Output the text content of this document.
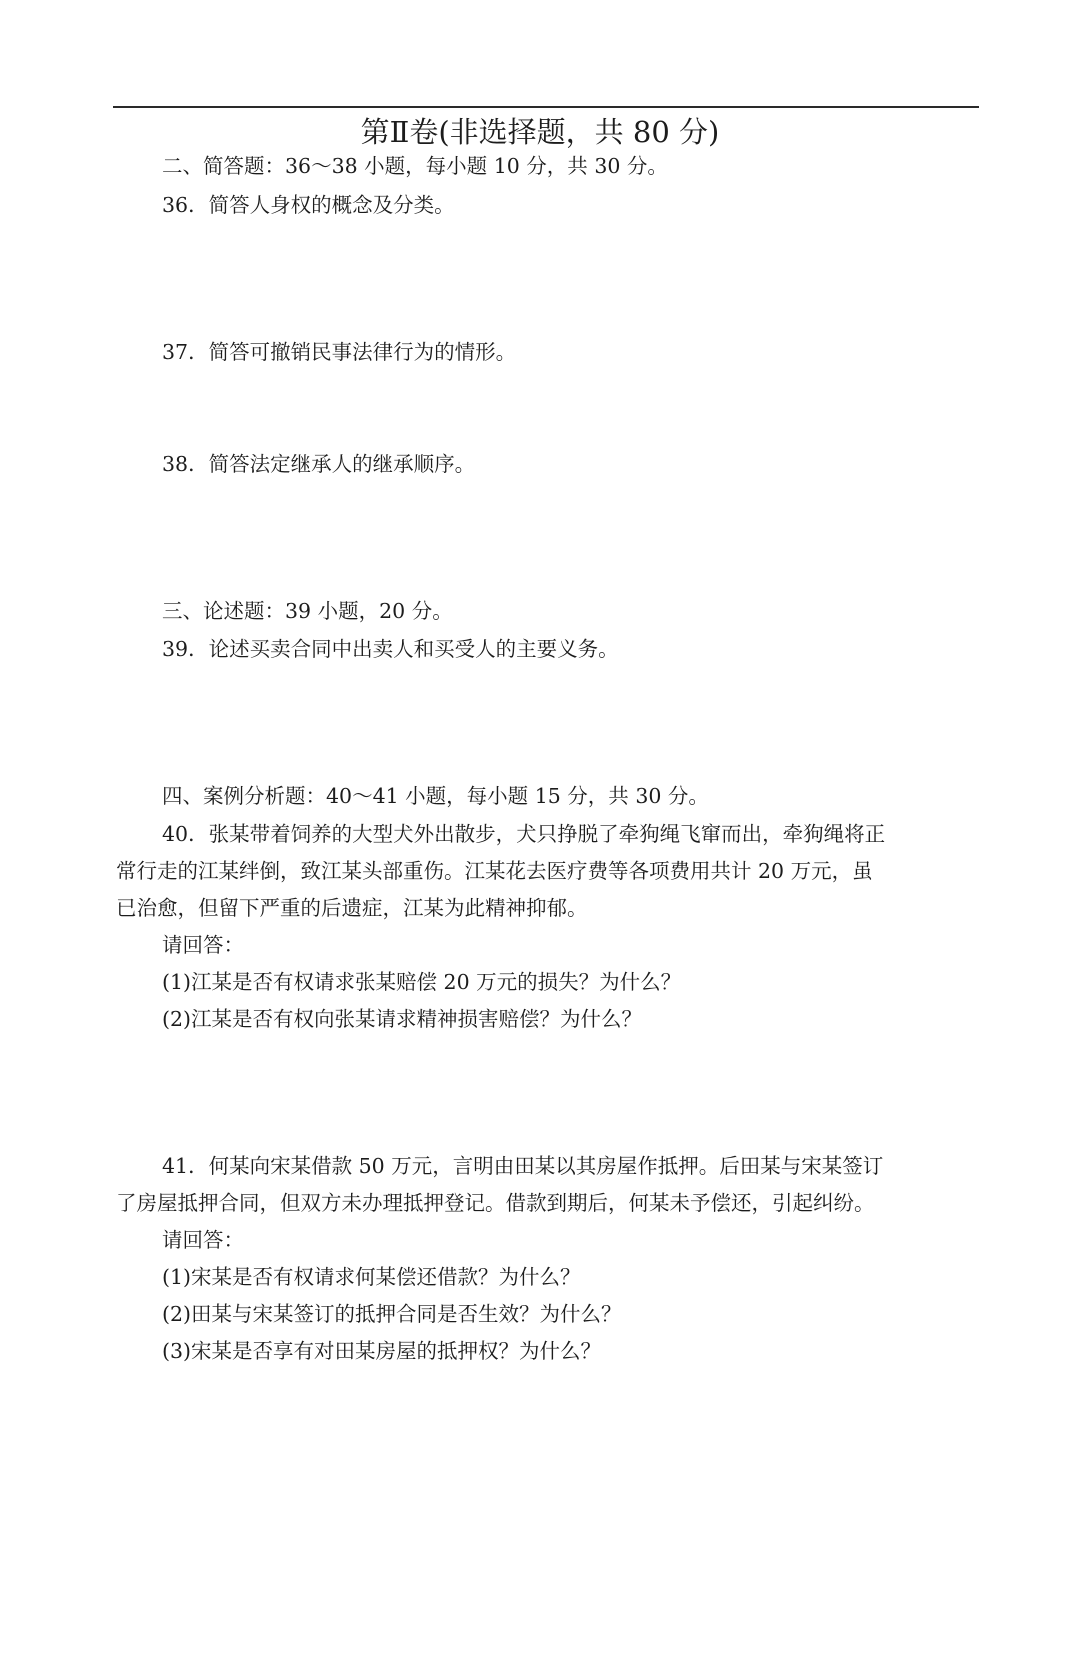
第Ⅱ卷(非选择题，共 80 分)
二、简答题：36～38 小题，每小题 10 分，共 30 分。
36．简答人身权的概念及分类。
37．简答可撤销民事法律行为的情形。
38．简答法定继承人的继承顺序。
三、论述题：39 小题，20 分。
39．论述买卖合同中出卖人和买受人的主要义务。
四、案例分析题：40～41 小题，每小题 15 分，共 30 分。
40．张某带着饲养的大型犬外出散步，犬只挣脱了牵狗绳飞窜而出，牵狗绳将正
常行走的江某绊倒，致江某头部重伤。江某花去医疗费等各项费用共计 20 万元，虽
已治愈，但留下严重的后遗症，江某为此精神抑郁。
请回答：
(1)江某是否有权请求张某赔偿 20 万元的损失？为什么？
(2)江某是否有权向张某请求精神损害赔偿？为什么？
41．何某向宋某借款 50 万元，言明由田某以其房屋作抵押。后田某与宋某签订
了房屋抵押合同，但双方未办理抵押登记。借款到期后，何某未予偿还，引起纠纷。
请回答：
(1)宋某是否有权请求何某偿还借款？为什么？
(2)田某与宋某签订的抵押合同是否生效？为什么？
(3)宋某是否享有对田某房屋的抵押权？为什么？
